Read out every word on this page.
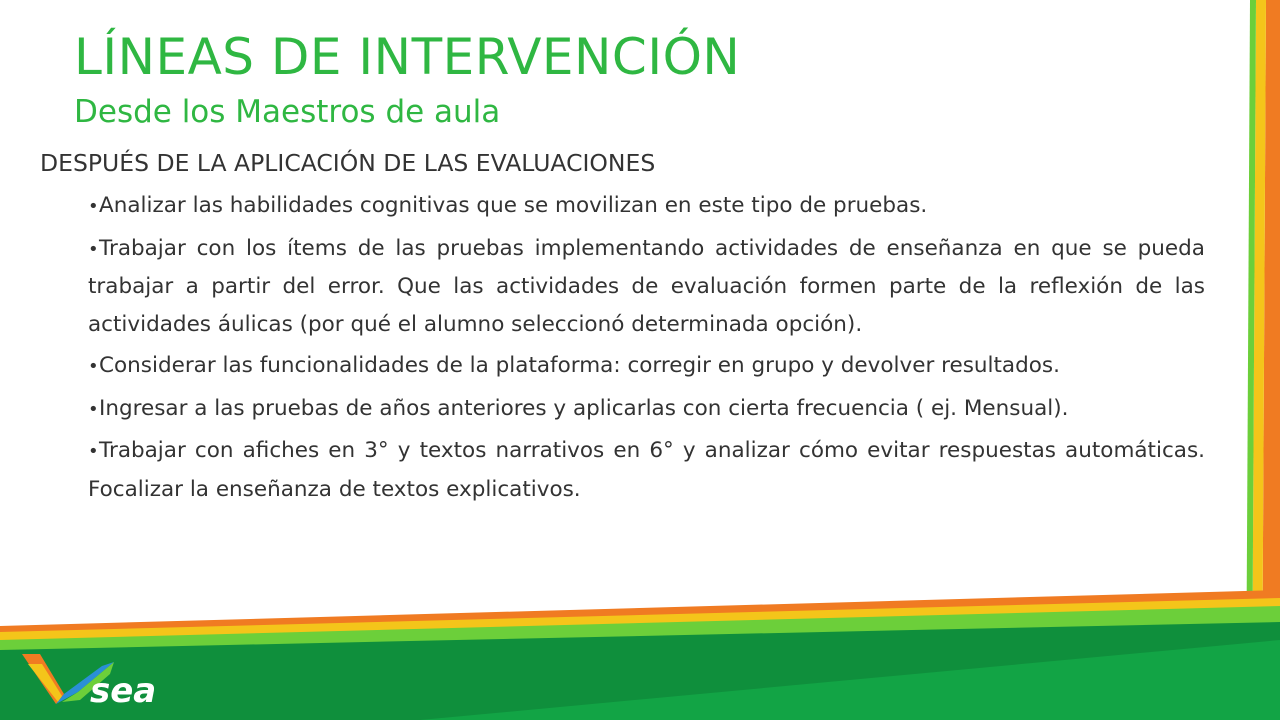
LÍNEAS DE INTERVENCIÓN
Desde los Maestros de aula
DESPUÉS DE LA APLICACIÓN DE LAS EVALUACIONES
•Analizar las habilidades cognitivas que se movilizan en este tipo de pruebas.
•Trabajar con los ítems de las pruebas implementando actividades de enseñanza en que se pueda trabajar a partir del error. Que las actividades de evaluación formen parte de la reflexión de las actividades áulicas (por qué el alumno seleccionó determinada opción).
•Considerar las funcionalidades de la plataforma: corregir en grupo y devolver resultados.
•Ingresar a las pruebas de años anteriores y aplicarlas con cierta frecuencia ( ej. Mensual).
•Trabajar con afiches en 3° y textos narrativos en 6° y analizar cómo evitar respuestas automáticas. Focalizar la enseñanza de textos explicativos.
sea
